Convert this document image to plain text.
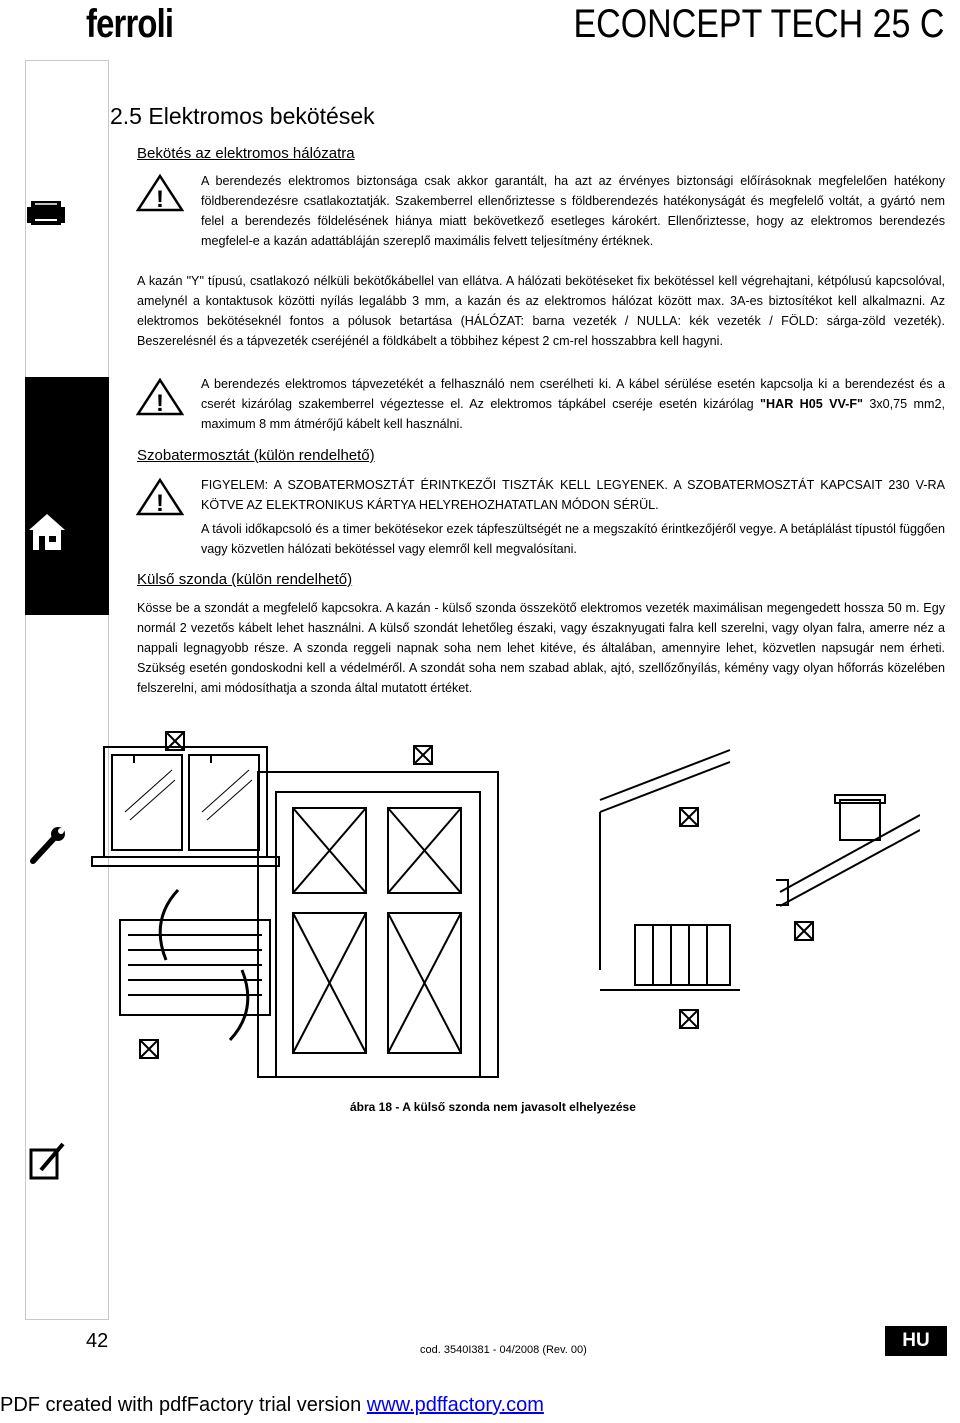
ferroli	ECONCEPT TECH 25 C
2.5 Elektromos bekötések
Bekötés az elektromos hálózatra
!
A berendezés elektromos biztonsága csak akkor garantált, ha azt az érvényes biztonsági előírásoknak megfelelően hatékony földberendezésre csatlakoztatják. Szakemberrel ellenőriztesse s földberendezés hatékonyságát és megfelelő voltát, a gyártó nem felel a berendezés földelésének hiánya miatt bekövetkező esetleges károkért. Ellenőriztesse, hogy az elektromos berendezés megfelel-e a kazán adattábláján szereplő maximális felvett teljesítmény értéknek.
A kazán "Y" típusú, csatlakozó nélküli bekötőkábellel van ellátva. A hálózati bekötéseket fix bekötéssel kell végrehajtani, kétpólusú kapcsolóval, amelynél a kontaktusok közötti nyílás legalább 3 mm, a kazán és az elektromos hálózat között max. 3A-es biztosítékot kell alkalmazni. Az elektromos bekötéseknél fontos a pólusok betartása (HÁLÓZAT: barna vezeték / NULLA: kék vezeték / FÖLD: sárga-zöld vezeték). Beszerelésnél és a tápvezeték cseréjénél a földkábelt a többihez képest 2 cm-rel hosszabbra kell hagyni.
!
A berendezés elektromos tápvezetékét a felhasználó nem cserélheti ki. A kábel sérülése esetén kapcsolja ki a berendezést és a cserét kizárólag szakemberrel végeztesse el. Az elektromos tápkábel cseréje esetén kizárólag "HAR H05 VV-F" 3x0,75 mm2, maximum 8 mm átmérőjű kábelt kell használni.
Szobatermosztát (külön rendelhető)
!
FIGYELEM: A SZOBATERMOSZTÁT ÉRINTKEZŐI TISZTÁK KELL LEGYENEK. A SZOBATERMOSZTÁT KAPCSAIT 230 V-RA KÖTVE AZ ELEKTRONIKUS KÁRTYA HELYREHOZHATATLAN MÓDON SÉRÜL.
A távoli időkapcsoló és a timer bekötésekor ezek tápfeszültségét ne a megszakító érintkezőjéről vegye. A betáplálást típustól függően vagy közvetlen hálózati bekötéssel vagy elemről kell megvalósítani.
Külső szonda (külön rendelhető)
Kösse be a szondát a megfelelő kapcsokra. A kazán - külső szonda összekötő elektromos vezeték maximálisan megengedett hossza 50 m. Egy normál 2 vezetős kábelt lehet használni. A külső szondát lehetőleg északi, vagy északnyugati falra kell szerelni, vagy olyan falra, amerre néz a nappali legnagyobb része. A szonda reggeli napnak soha nem lehet kitéve, és általában, amennyire lehet, közvetlen napsugár nem érheti. Szükség esetén gondoskodni kell a védelméről. A szondát soha nem szabad ablak, ajtó, szellőzőnyílás, kémény vagy olyan hőforrás közelében felszerelni, ami módosíthatja a szonda által mutatott értéket.
ábra 18 - A külső szonda nem javasolt elhelyezése
42	cod. 3540I381 - 04/2008 (Rev. 00)	HU
PDF created with pdfFactory trial version www.pdffactory.com
